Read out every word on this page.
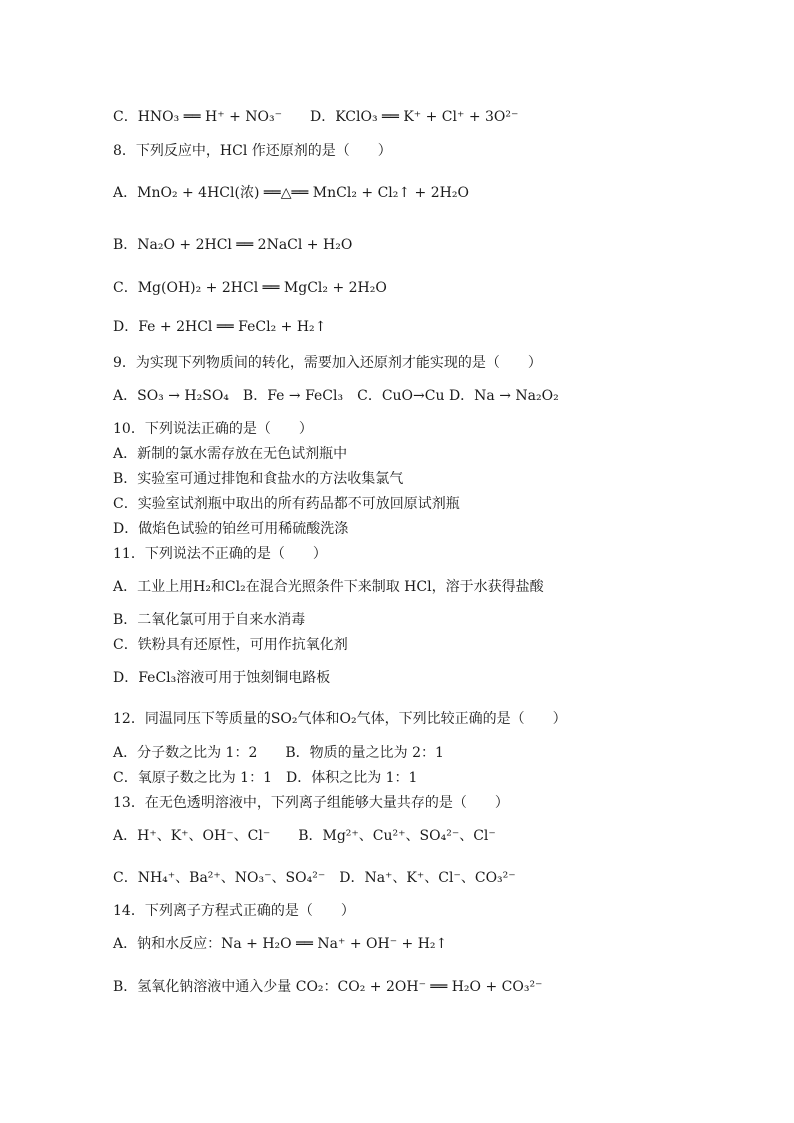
C．HNO₃ ══ H⁺ + NO₃⁻　　D．KClO₃ ══ K⁺ + Cl⁺ + 3O²⁻
8．下列反应中，HCl 作还原剂的是（　　）
A．MnO₂ + 4HCl(浓) ══△══ MnCl₂ + Cl₂↑ + 2H₂O
B．Na₂O + 2HCl ══ 2NaCl + H₂O
C．Mg(OH)₂ + 2HCl ══ MgCl₂ + 2H₂O
D．Fe + 2HCl ══ FeCl₂ + H₂↑
9．为实现下列物质间的转化，需要加入还原剂才能实现的是（　　）
A．SO₃ → H₂SO₄　B．Fe → FeCl₃　C．CuO→Cu D．Na → Na₂O₂
10．下列说法正确的是（　　）
A．新制的氯水需存放在无色试剂瓶中
B．实验室可通过排饱和食盐水的方法收集氯气
C．实验室试剂瓶中取出的所有药品都不可放回原试剂瓶
D．做焰色试验的铂丝可用稀硫酸洗涤
11．下列说法不正确的是（　　）
A．工业上用H₂和Cl₂在混合光照条件下来制取 HCl，溶于水获得盐酸
B．二氧化氯可用于自来水消毒
C．铁粉具有还原性，可用作抗氧化剂
D．FeCl₃溶液可用于蚀刻铜电路板
12．同温同压下等质量的SO₂气体和O₂气体，下列比较正确的是（　　）
A．分子数之比为 1：2　　B．物质的量之比为 2：1
C．氧原子数之比为 1：1　D．体积之比为 1：1
13．在无色透明溶液中，下列离子组能够大量共存的是（　　）
A．H⁺、K⁺、OH⁻、Cl⁻　　B．Mg²⁺、Cu²⁺、SO₄²⁻、Cl⁻
C．NH₄⁺、Ba²⁺、NO₃⁻、SO₄²⁻　D．Na⁺、K⁺、Cl⁻、CO₃²⁻
14．下列离子方程式正确的是（　　）
A．钠和水反应：Na + H₂O ══ Na⁺ + OH⁻ + H₂↑
B．氢氧化钠溶液中通入少量 CO₂：CO₂ + 2OH⁻ ══ H₂O + CO₃²⁻
